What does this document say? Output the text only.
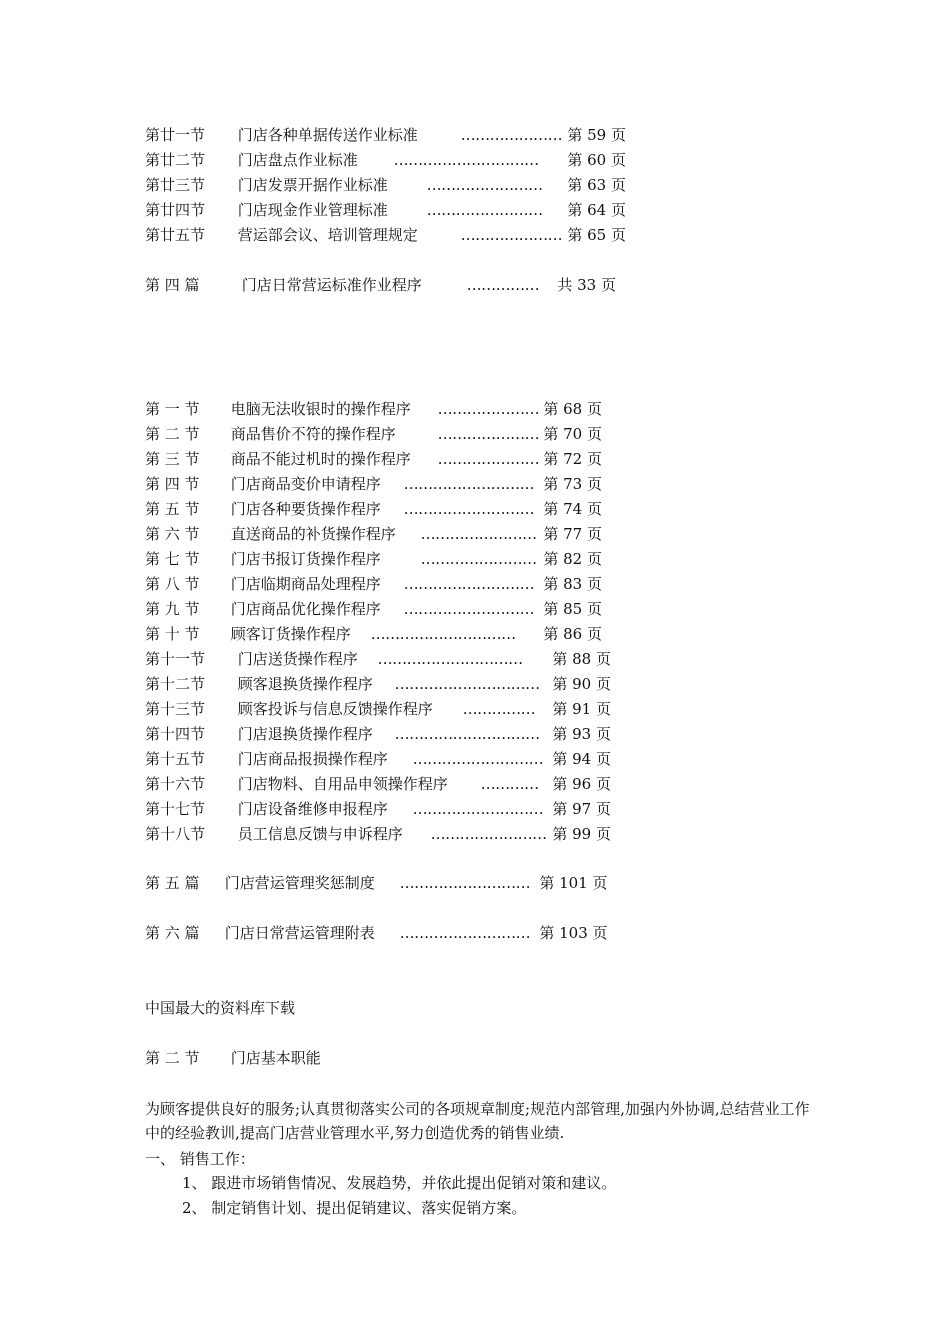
第廿一节 门店各种单据传送作业标准	………………… 第 59 页
第廿二节 门店盘点作业标准 ………………………… 第 60 页
第廿三节 门店发票开据作业标准	…………………… 第 63 页
第廿四节 门店现金作业管理标准	…………………… 第 64 页
第廿五节 营运部会议、培训管理规定	………………… 第 65 页
第 四 篇	门店日常营运标准作业程序	…………… 共 33 页
第 一 节 电脑无法收银时的操作程序 ………………… 第 68 页
第 二 节 商品售价不符的操作程序	………………… 第 70 页
第 三 节 商品不能过机时的操作程序 ………………… 第 72 页
第 四 节 门店商品变价申请程序 ……………………… 第 73 页
第 五 节 门店各种要货操作程序 ……………………… 第 74 页
第 六 节 直送商品的补货操作程序 …………………… 第 77 页
第 七 节 门店书报订货操作程序	…………………… 第 82 页
第 八 节 门店临期商品处理程序 ……………………… 第 83 页
第 九 节 门店商品优化操作程序 ……………………… 第 85 页
第 十 节 顾客订货操作程序 ………………………… 第 86 页
第十一节 门店送货操作程序 ………………………… 第 88 页
第十二节 顾客退换货操作程序 ………………………… 第 90 页
第十三节 顾客投诉与信息反馈操作程序 …………… 第 91 页
第十四节 门店退换货操作程序 ………………………… 第 93 页
第十五节 门店商品报损操作程序 ……………………… 第 94 页
第十六节 门店物料、自用品申领操作程序 ………… 第 96 页
第十七节 门店设备维修申报程序 ……………………… 第 97 页
第十八节 员工信息反馈与申诉程序 …………………… 第 99 页
第 五 篇 门店营运管理奖惩制度 ……………………… 第 101 页
第 六 篇 门店日常营运管理附表 ……………………… 第 103 页
中国最大的资料库下载
第 二 节 门店基本职能
为顾客提供良好的服务;认真贯彻落实公司的各项规章制度;规范内部管理,加强内外协调,总结营业工作中的经验教训,提高门店营业管理水平,努力创造优秀的销售业绩.
一、 销售工作：
1、 跟进市场销售情况、发展趋势，并依此提出促销对策和建议。
2、 制定销售计划、提出促销建议、落实促销方案。
